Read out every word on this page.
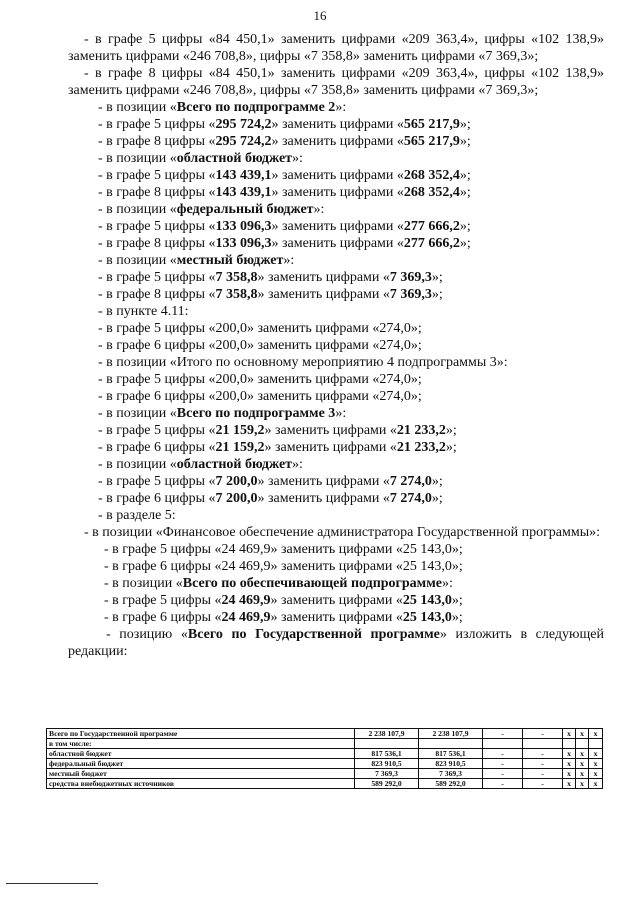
16

- в графе 5 цифры «84 450,1» заменить цифрами «209 363,4», цифры «102 138,9» заменить цифрами «246 708,8», цифры «7 358,8» заменить цифрами «7 369,3»;

- в графе 8 цифры «84 450,1» заменить цифрами «209 363,4», цифры «102 138,9» заменить цифрами «246 708,8», цифры «7 358,8» заменить цифрами «7 369,3»;

- в позиции «Всего по подпрограмме 2»:

- в графе 5 цифры «295 724,2» заменить цифрами «565 217,9»;

- в графе 8 цифры «295 724,2» заменить цифрами «565 217,9»;

- в позиции «областной бюджет»:

- в графе 5 цифры «143 439,1» заменить цифрами «268 352,4»;

- в графе 8 цифры «143 439,1» заменить цифрами «268 352,4»;

- в позиции «федеральный бюджет»:

- в графе 5 цифры «133 096,3» заменить цифрами «277 666,2»;

- в графе 8 цифры «133 096,3» заменить цифрами «277 666,2»;

- в позиции «местный бюджет»:

- в графе 5 цифры «7 358,8» заменить цифрами «7 369,3»;

- в графе 8 цифры «7 358,8» заменить цифрами «7 369,3»;

- в пункте 4.11:

- в графе 5 цифры «200,0» заменить цифрами «274,0»;

- в графе 6 цифры «200,0» заменить цифрами «274,0»;

- в позиции «Итого по основному мероприятию 4 подпрограммы 3»:

- в графе 5 цифры «200,0» заменить цифрами «274,0»;

- в графе 6 цифры «200,0» заменить цифрами «274,0»;

- в позиции «Всего по подпрограмме 3»:

- в графе 5 цифры «21 159,2» заменить цифрами «21 233,2»;

- в графе 6 цифры «21 159,2» заменить цифрами «21 233,2»;

- в позиции «областной бюджет»:

- в графе 5 цифры «7 200,0» заменить цифрами «7 274,0»;

- в графе 6 цифры «7 200,0» заменить цифрами «7 274,0»;

- в разделе 5:

- в позиции «Финансовое обеспечение администратора Государственной программы»:

- в графе 5 цифры «24 469,9» заменить цифрами «25 143,0»;

- в графе 6 цифры «24 469,9» заменить цифрами «25 143,0»;

- в позиции «Всего по обеспечивающей подпрограмме»:

- в графе 5 цифры «24 469,9» заменить цифрами «25 143,0»;

- в графе 6 цифры «24 469,9» заменить цифрами «25 143,0»;

- позицию «Всего по Государственной программе» изложить в следующей редакции:

Всего по Государственной программе	2 238 107,9	2 238 107,9	-	-	x	x	x
в том числе:							
областной бюджет	817 536,1	817 536,1	-	-	x	x	x
федеральный бюджет	823 910,5	823 910,5	-	-	x	x	x
местный бюджет	7 369,3	7 369,3	-	-	x	x	x
средства внебюджетных источников	589 292,0	589 292,0	-	-	x	x	x
